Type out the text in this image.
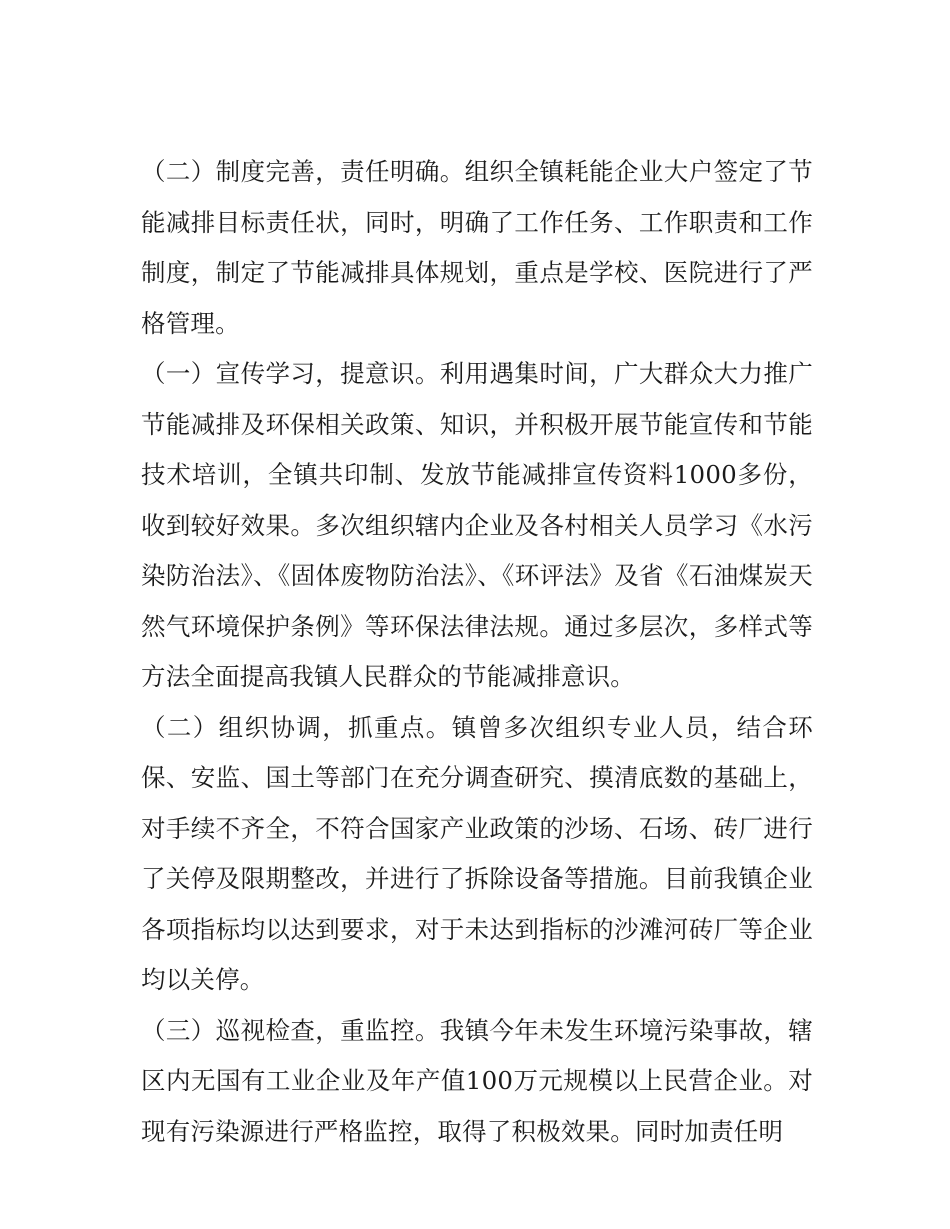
（二）制度完善，责任明确。组织全镇耗能企业大户签定了节能减排目标责任状，同时，明确了工作任务、工作职责和工作制度，制定了节能减排具体规划，重点是学校、医院进行了严格管理。

（一）宣传学习，提意识。利用遇集时间，广大群众大力推广节能减排及环保相关政策、知识，并积极开展节能宣传和节能技术培训，全镇共印制、发放节能减排宣传资料1000多份，收到较好效果。多次组织辖内企业及各村相关人员学习《水污染防治法》、《固体废物防治法》、《环评法》及省《石油煤炭天然气环境保护条例》等环保法律法规。通过多层次，多样式等方法全面提高我镇人民群众的节能减排意识。

（二）组织协调，抓重点。镇曾多次组织专业人员，结合环保、安监、国土等部门在充分调查研究、摸清底数的基础上，对手续不齐全，不符合国家产业政策的沙场、石场、砖厂进行了关停及限期整改，并进行了拆除设备等措施。目前我镇企业各项指标均以达到要求，对于未达到指标的沙滩河砖厂等企业均以关停。

（三）巡视检查，重监控。我镇今年未发生环境污染事故，辖区内无国有工业企业及年产值100万元规模以上民营企业。对现有污染源进行严格监控，取得了积极效果。同时加责任明
